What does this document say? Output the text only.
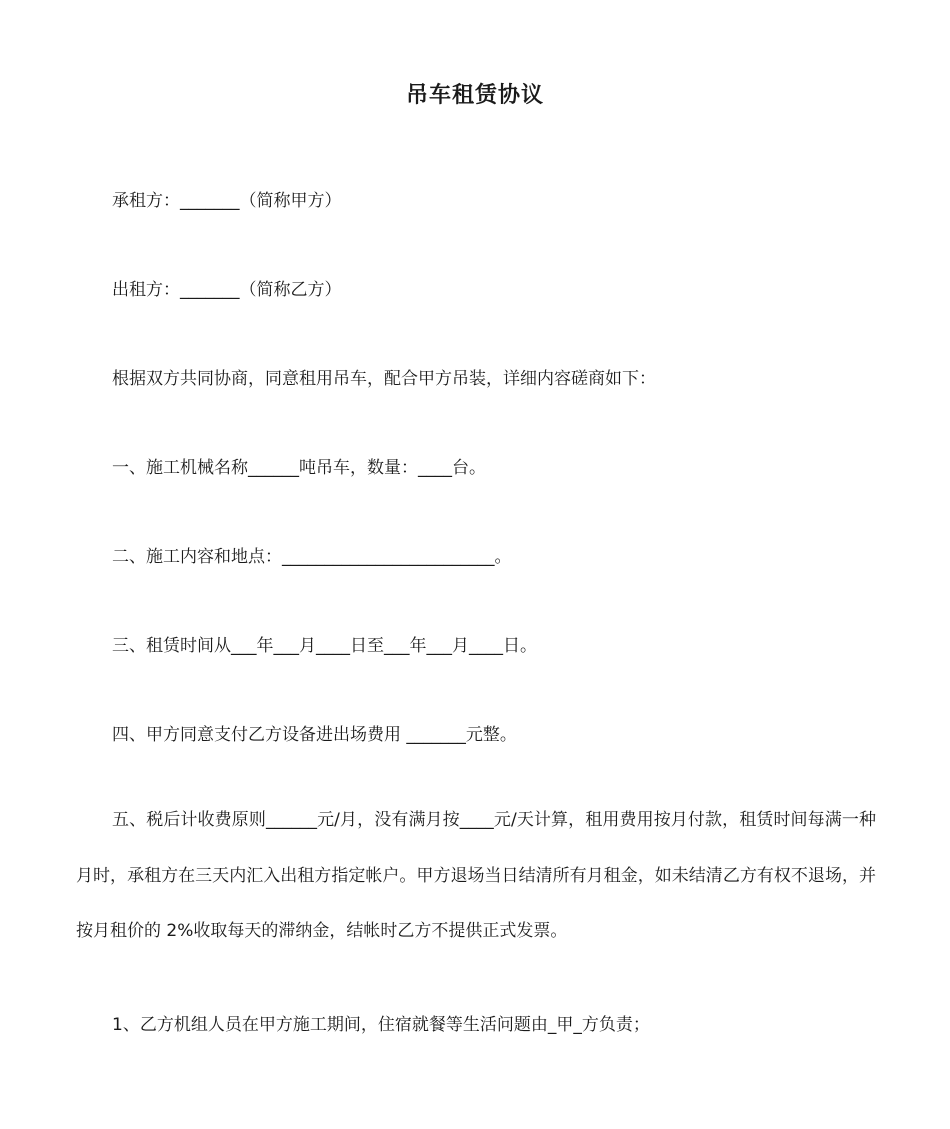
吊车租赁协议
承租方：_______（简称甲方）
出租方：_______（简称乙方）
根据双方共同协商，同意租用吊车，配合甲方吊装，详细内容磋商如下：
一、施工机械名称______吨吊车，数量：____台。
二、施工内容和地点：_________________________。
三、租赁时间从___年___月____日至___年___月____日。
四、甲方同意支付乙方设备进出场费用 _______元整。
五、税后计收费原则______元/月，没有满月按____元/天计算，租用费用按月付款，租赁时间每满一种月时，承租方在三天内汇入出租方指定帐户。甲方退场当日结清所有月租金，如未结清乙方有权不退场，并按月租价的 2%收取每天的滞纳金，结帐时乙方不提供正式发票。
1、乙方机组人员在甲方施工期间，住宿就餐等生活问题由_甲_方负责；
